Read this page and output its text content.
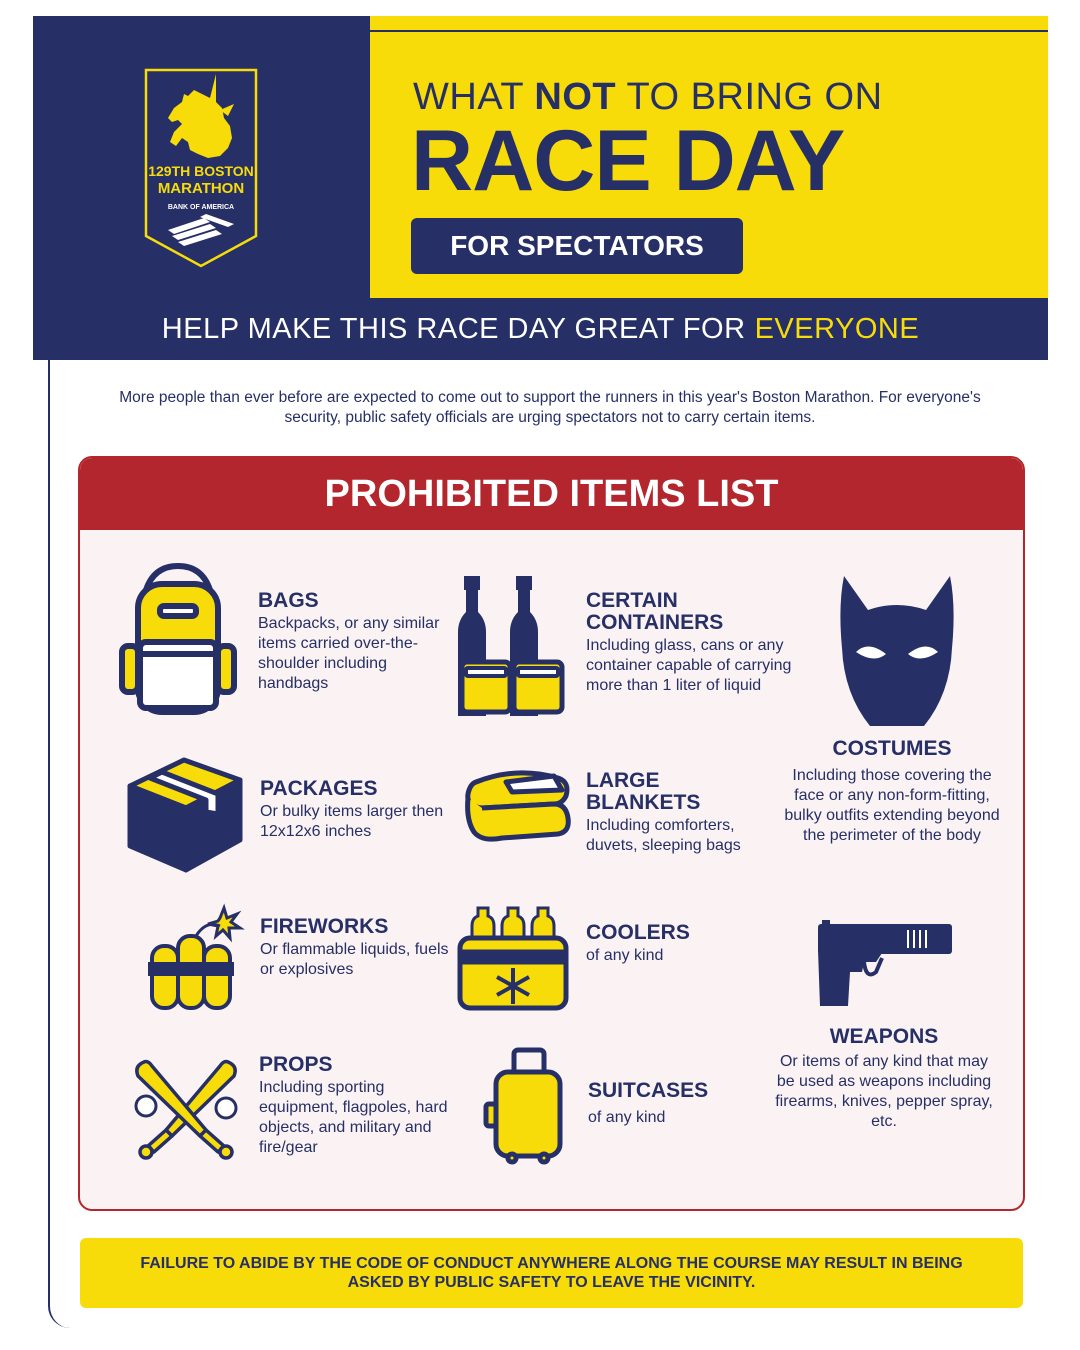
129TH BOSTON
MARATHON
BANK OF AMERICA
WHAT NOT TO BRING ON
RACE DAY
FOR SPECTATORS
HELP MAKE THIS RACE DAY GREAT FOR EVERYONE
More people than ever before are expected to come out to support the runners in this year's Boston Marathon. For everyone's security, public safety officials are urging spectators not to carry certain items.
PROHIBITED ITEMS LIST
BAGS
Backpacks, or any similar items carried over-the-shoulder including handbags
CERTAIN CONTAINERS
Including glass, cans or any container capable of carrying more than 1 liter of liquid
COSTUMES
Including those covering the face or any non-form-fitting, bulky outfits extending beyond the perimeter of the body
PACKAGES
Or bulky items larger then 12x12x6 inches
LARGE BLANKETS
Including comforters, duvets, sleeping bags
FIREWORKS
Or flammable liquids, fuels or explosives
COOLERS
of any kind
WEAPONS
Or items of any kind that may be used as weapons including firearms, knives, pepper spray, etc.
PROPS
Including sporting equipment, flagpoles, hard objects, and military and fire/gear
SUITCASES
of any kind
FAILURE TO ABIDE BY THE CODE OF CONDUCT ANYWHERE ALONG THE COURSE MAY RESULT IN BEING ASKED BY PUBLIC SAFETY TO LEAVE THE VICINITY.
